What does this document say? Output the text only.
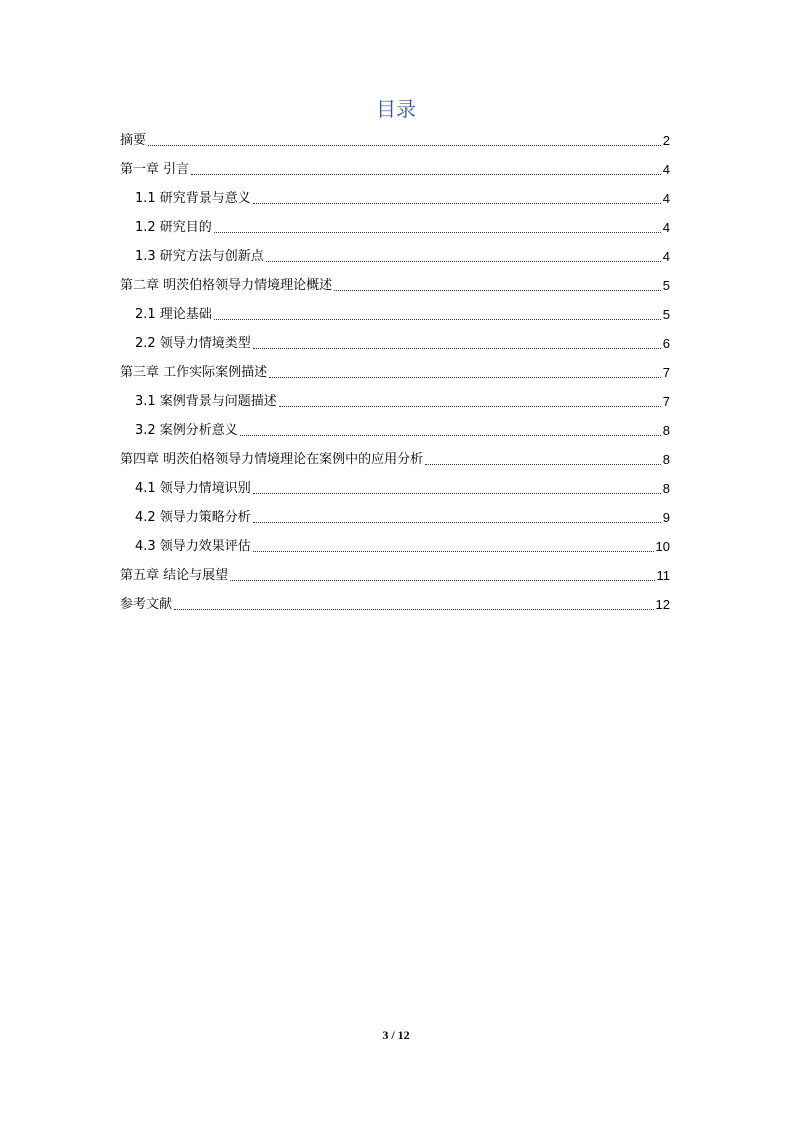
目录
摘要	2
第一章 引言	4
1.1 研究背景与意义	4
1.2 研究目的	4
1.3 研究方法与创新点	4
第二章 明茨伯格领导力情境理论概述	5
2.1 理论基础	5
2.2 领导力情境类型	6
第三章 工作实际案例描述	7
3.1 案例背景与问题描述	7
3.2 案例分析意义	8
第四章 明茨伯格领导力情境理论在案例中的应用分析	8
4.1 领导力情境识别	8
4.2 领导力策略分析	9
4.3 领导力效果评估	10
第五章 结论与展望	11
参考文献	12
3 / 12
